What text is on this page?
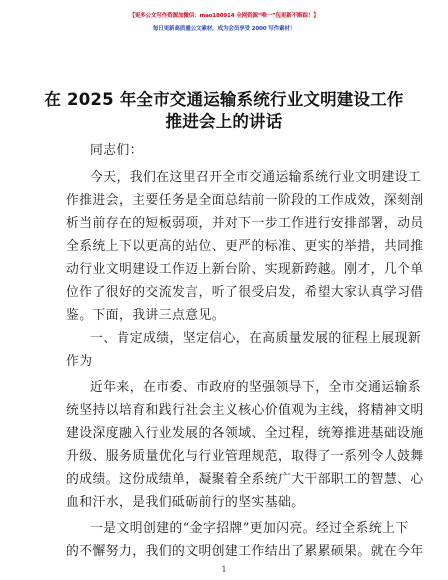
【更多公文写作资源加微信：mao180914 全网资源“唯一”包更新不断踪！】
每日更新高质量公文素材，成为会员享受 2000 写作素材！
在 2025 年全市交通运输系统行业文明建设工作
推进会上的讲话
同志们：
今天，我们在这里召开全市交通运输系统行业文明建设工
作推进会，主要任务是全面总结前一阶段的工作成效，深刻剖
析当前存在的短板弱项，并对下一步工作进行安排部署，动员
全系统上下以更高的站位、更严的标准、更实的举措，共同推
动行业文明建设工作迈上新台阶、实现新跨越。刚才，几个单
位作了很好的交流发言，听了很受启发，希望大家认真学习借
鉴。下面，我讲三点意见。
一、肯定成绩，坚定信心，在高质量发展的征程上展现新
作为
近年来，在市委、市政府的坚强领导下，全市交通运输系
统坚持以培育和践行社会主义核心价值观为主线，将精神文明
建设深度融入行业发展的各领域、全过程，统筹推进基础设施
升级、服务质量优化与行业管理规范，取得了一系列令人鼓舞
的成绩。这份成绩单，凝聚着全系统广大干部职工的智慧、心
血和汗水，是我们砥砺前行的坚实基础。
一是文明创建的“金字招牌”更加闪亮。经过全系统上下
的不懈努力，我们的文明创建工作结出了累累硕果。就在今年
1
